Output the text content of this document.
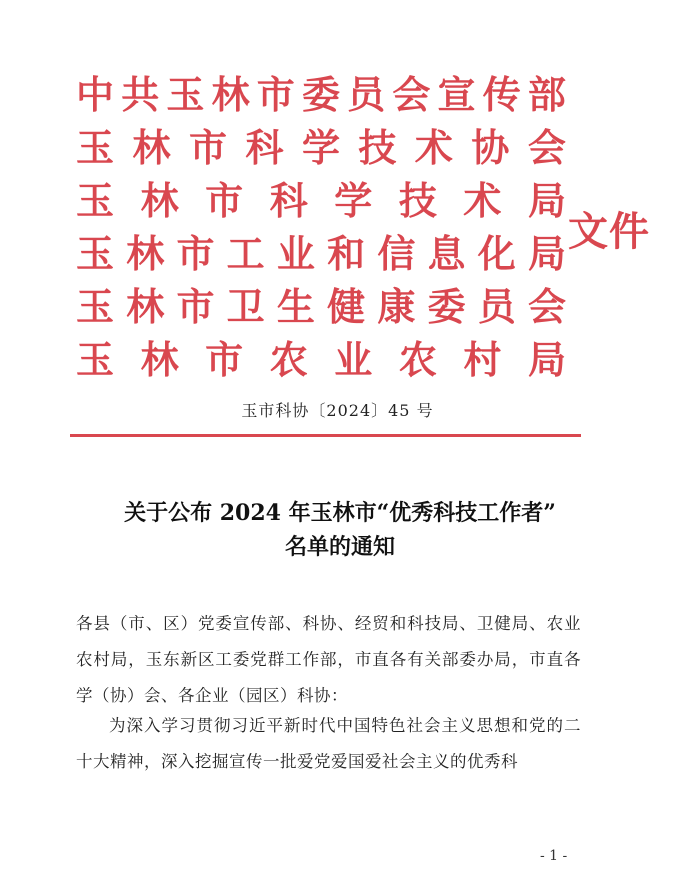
中 共 玉 林 市 委 员 会 宣 传 部
玉 林 市 科 学 技 术 协 会
玉 林 市 科 学 技 术 局
玉 林 市 工 业 和 信 息 化 局
玉 林 市 卫 生 健 康 委 员 会
玉 林 市 农 业 农 村 局
文件
玉市科协〔2024〕45 号
关于公布 2024 年玉林市“优秀科技工作者”
名单的通知
各县（市、区）党委宣传部、科协、经贸和科技局、卫健局、农业农村局，玉东新区工委党群工作部，市直各有关部委办局，市直各学（协）会、各企业（园区）科协：
为深入学习贯彻习近平新时代中国特色社会主义思想和党的二十大精神，深入挖掘宣传一批爱党爱国爱社会主义的优秀科
- 1 -
